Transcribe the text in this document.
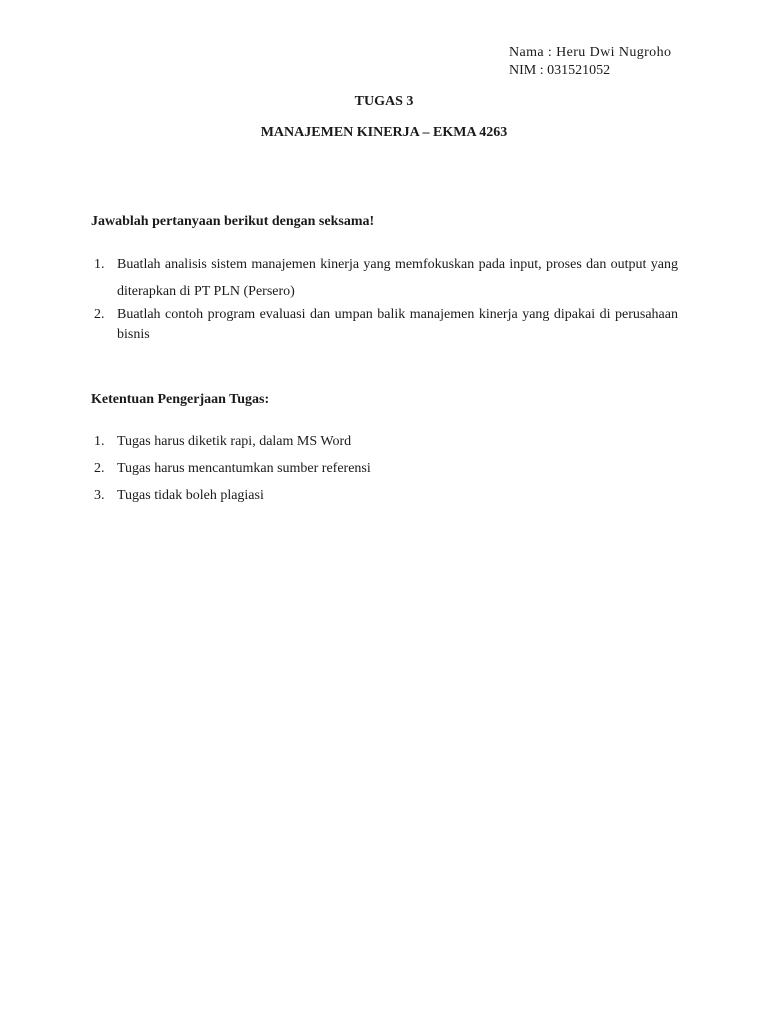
Nama : Heru Dwi Nugroho
NIM : 031521052
TUGAS 3
MANAJEMEN KINERJA – EKMA 4263
Jawablah pertanyaan berikut dengan seksama!
1. Buatlah analisis sistem manajemen kinerja yang memfokuskan pada input, proses dan output yang diterapkan di PT PLN (Persero)
2. Buatlah contoh program evaluasi dan umpan balik manajemen kinerja yang dipakai di perusahaan bisnis
Ketentuan Pengerjaan Tugas:
1. Tugas harus diketik rapi, dalam MS Word
2. Tugas harus mencantumkan sumber referensi
3. Tugas tidak boleh plagiasi
